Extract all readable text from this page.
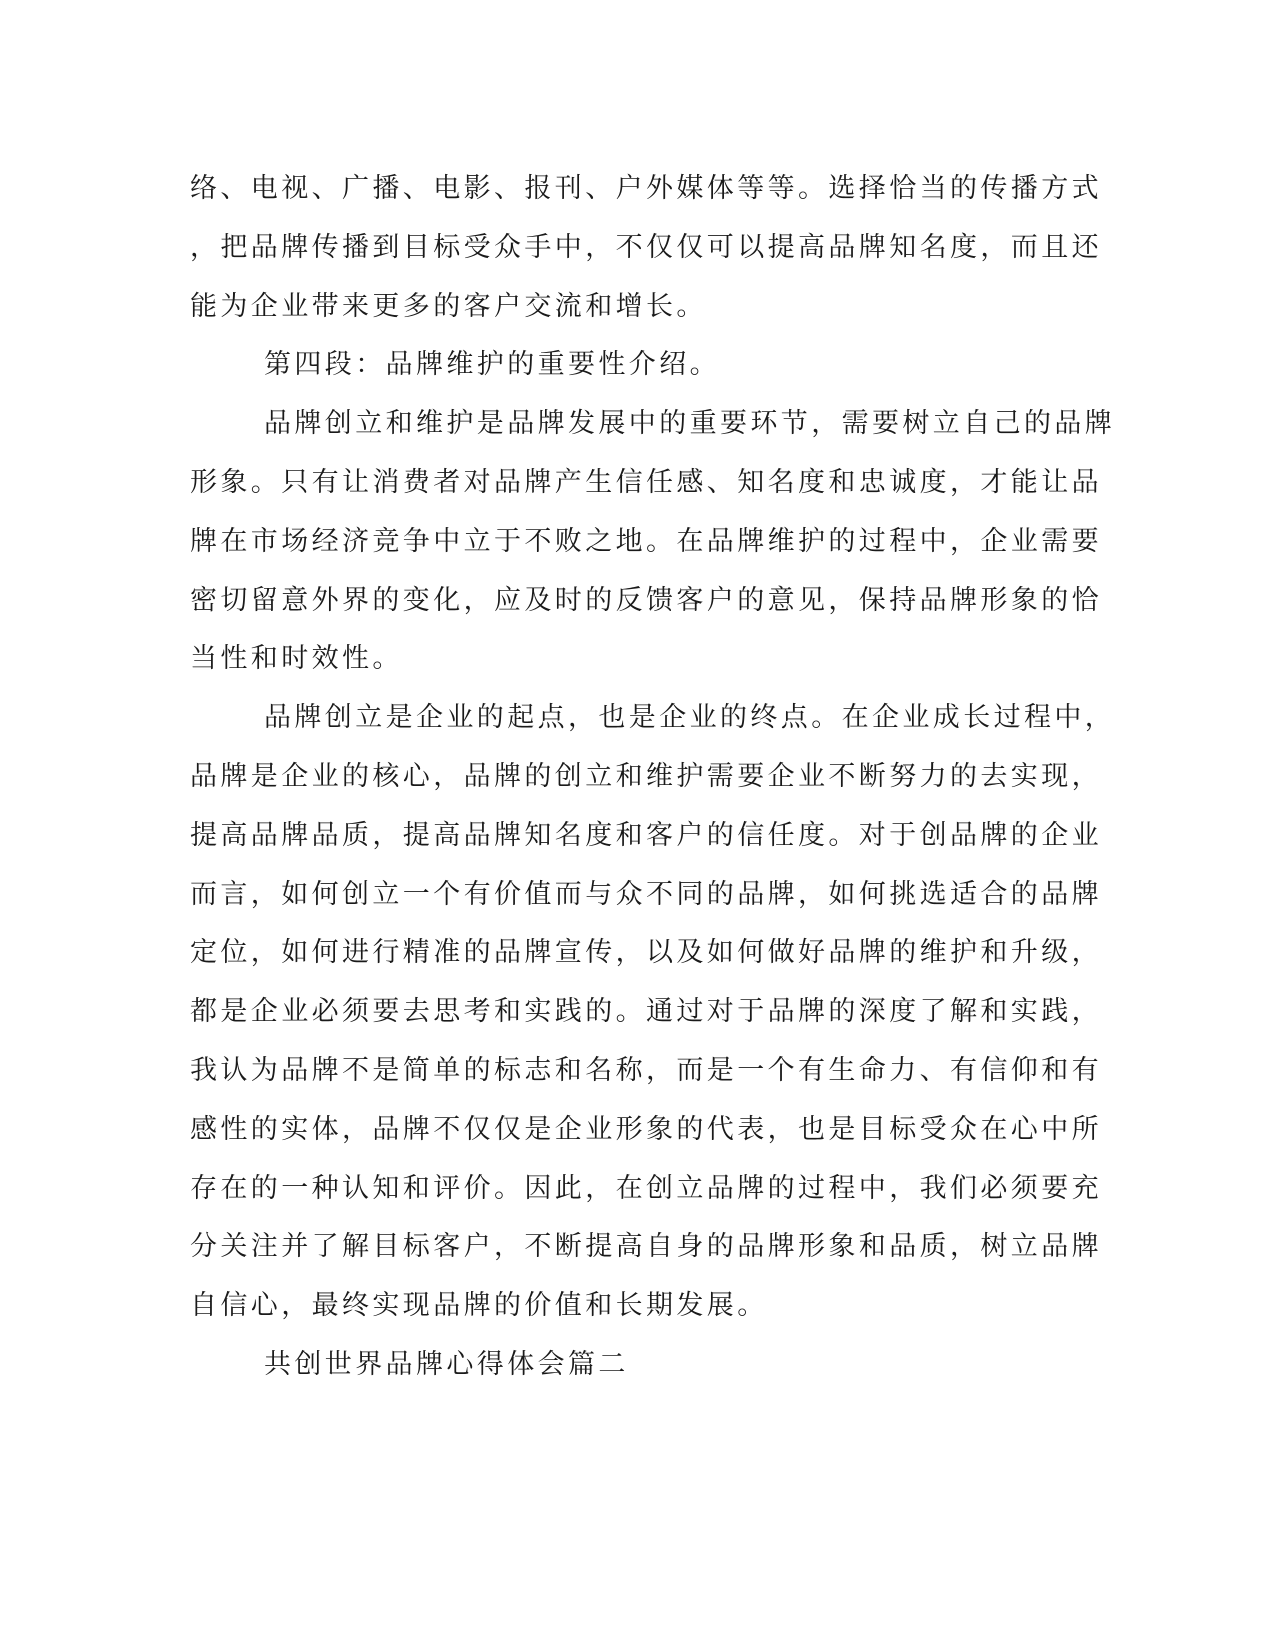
络、电视、广播、电影、报刊、户外媒体等等。选择恰当的传播方式
，把品牌传播到目标受众手中，不仅仅可以提高品牌知名度，而且还
能为企业带来更多的客户交流和增长。
第四段：品牌维护的重要性介绍。
品牌创立和维护是品牌发展中的重要环节，需要树立自己的品牌
形象。只有让消费者对品牌产生信任感、知名度和忠诚度，才能让品
牌在市场经济竞争中立于不败之地。在品牌维护的过程中，企业需要
密切留意外界的变化，应及时的反馈客户的意见，保持品牌形象的恰
当性和时效性。
品牌创立是企业的起点，也是企业的终点。在企业成长过程中，
品牌是企业的核心，品牌的创立和维护需要企业不断努力的去实现，
提高品牌品质，提高品牌知名度和客户的信任度。对于创品牌的企业
而言，如何创立一个有价值而与众不同的品牌，如何挑选适合的品牌
定位，如何进行精准的品牌宣传，以及如何做好品牌的维护和升级，
都是企业必须要去思考和实践的。通过对于品牌的深度了解和实践，
我认为品牌不是简单的标志和名称，而是一个有生命力、有信仰和有
感性的实体，品牌不仅仅是企业形象的代表，也是目标受众在心中所
存在的一种认知和评价。因此，在创立品牌的过程中，我们必须要充
分关注并了解目标客户，不断提高自身的品牌形象和品质，树立品牌
自信心，最终实现品牌的价值和长期发展。
共创世界品牌心得体会篇二
